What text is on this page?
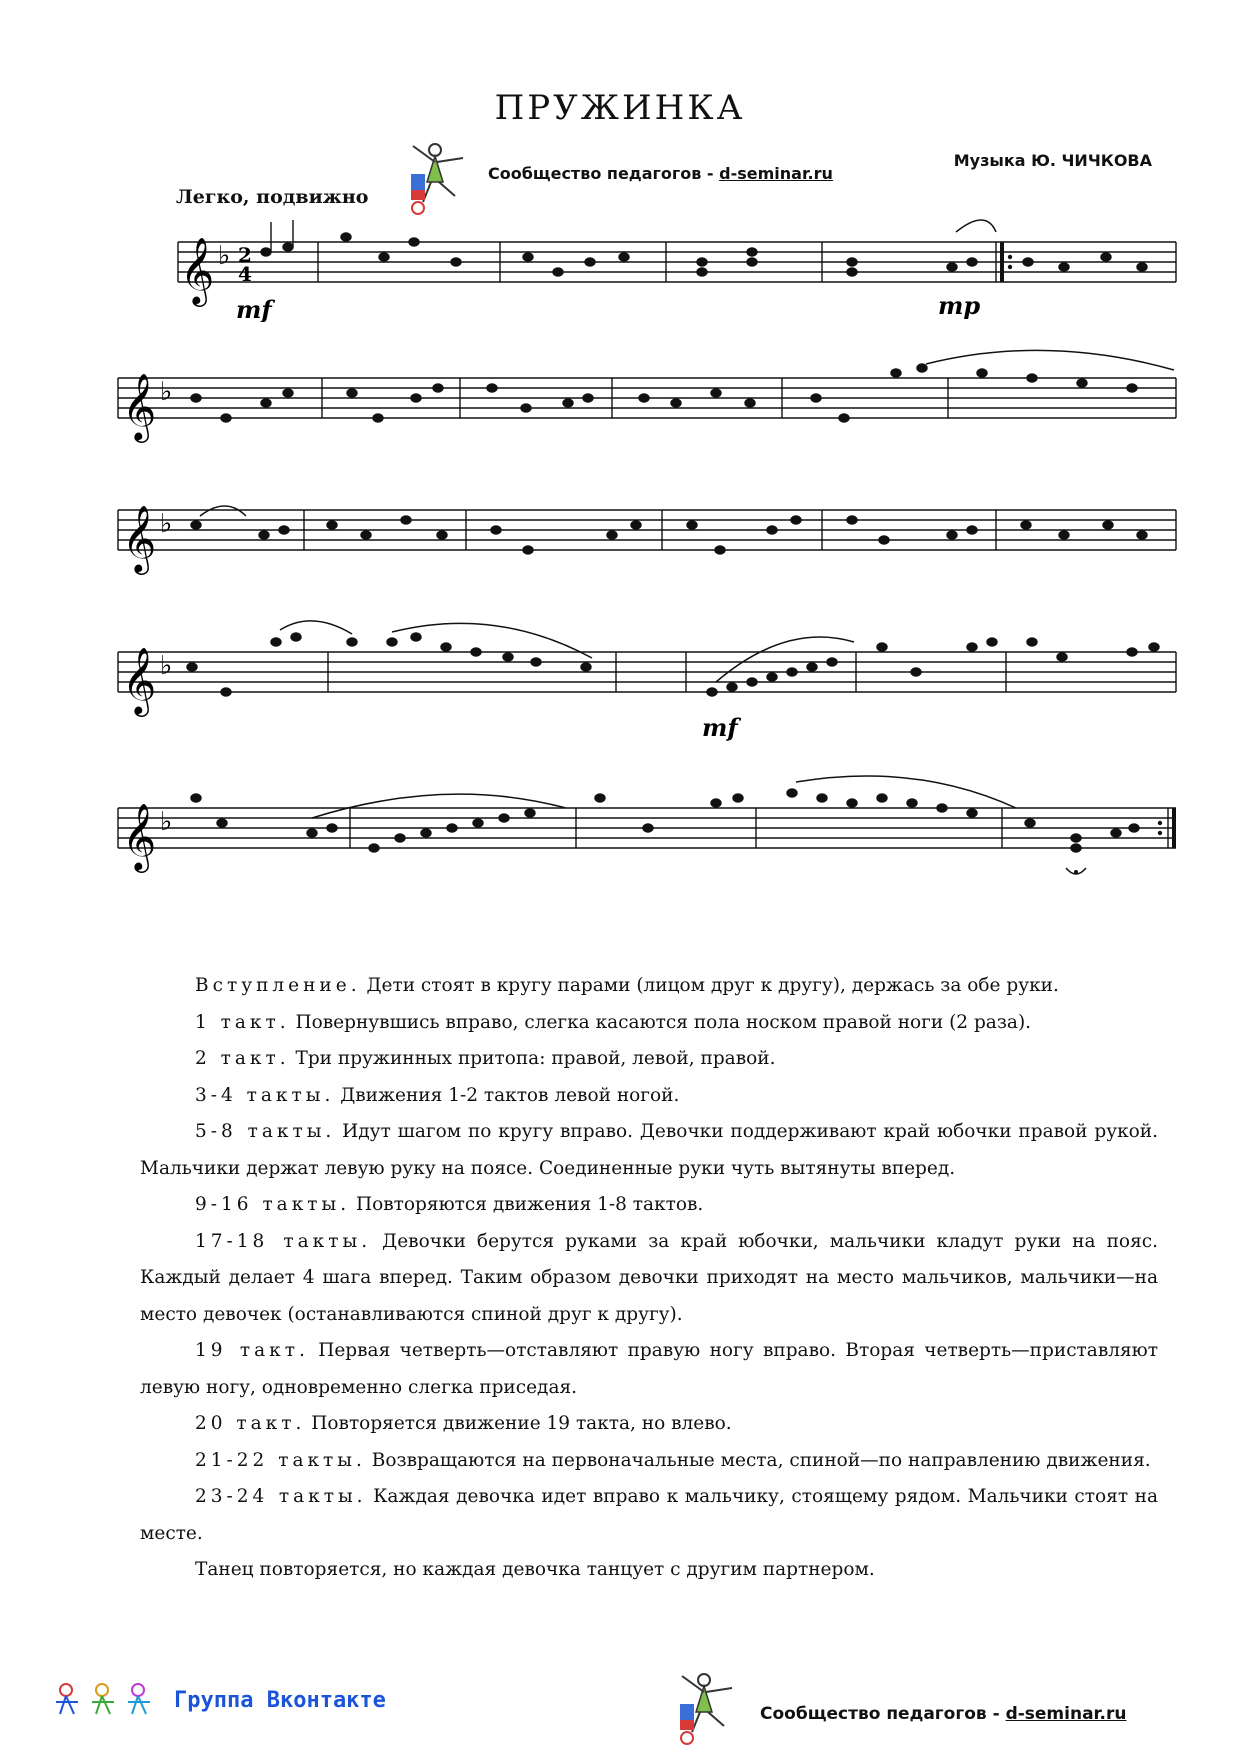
ПРУЖИНКА
Сообщество педагогов - d-seminar.ru
Музыка Ю. ЧИЧКОВА
Легко, подвижно
𝄞 ♭ 2
4
mf	mp
𝄞 ♭
𝄞 ♭
𝄞 ♭
mf
𝄞 ♭

Вступление. Дети стоят в кругу парами (лицом друг к другу), держась за обе руки.

1 такт. Повернувшись вправо, слегка касаются пола носком правой ноги (2 раза).

2 такт. Три пружинных притопа: правой, левой, правой.

3-4 такты. Движения 1-2 тактов левой ногой.

5-8 такты. Идут шагом по кругу вправо. Девочки поддерживают край юбочки правой рукой. Мальчики держат левую руку на поясе. Соединенные руки чуть вытянуты вперед.

9-16 такты. Повторяются движения 1-8 тактов.

17-18 такты. Девочки берутся руками за край юбочки, мальчики кладут руки на пояс. Каждый делает 4 шага вперед. Таким образом девочки приходят на место мальчиков, мальчики—на место девочек (останавливаются спиной друг к другу).

19 такт. Первая четверть—отставляют правую ногу вправо. Вторая четверть—приставляют левую ногу, одновременно слегка приседая.

20 такт. Повторяется движение 19 такта, но влево.

21-22 такты. Возвращаются на первоначальные места, спиной—по направлению движения.

23-24 такты. Каждая девочка идет вправо к мальчику, стоящему рядом. Мальчики стоят на месте.

Танец повторяется, но каждая девочка танцует с другим партнером.

Группа Вконтакте
Сообщество педагогов - d-seminar.ru
